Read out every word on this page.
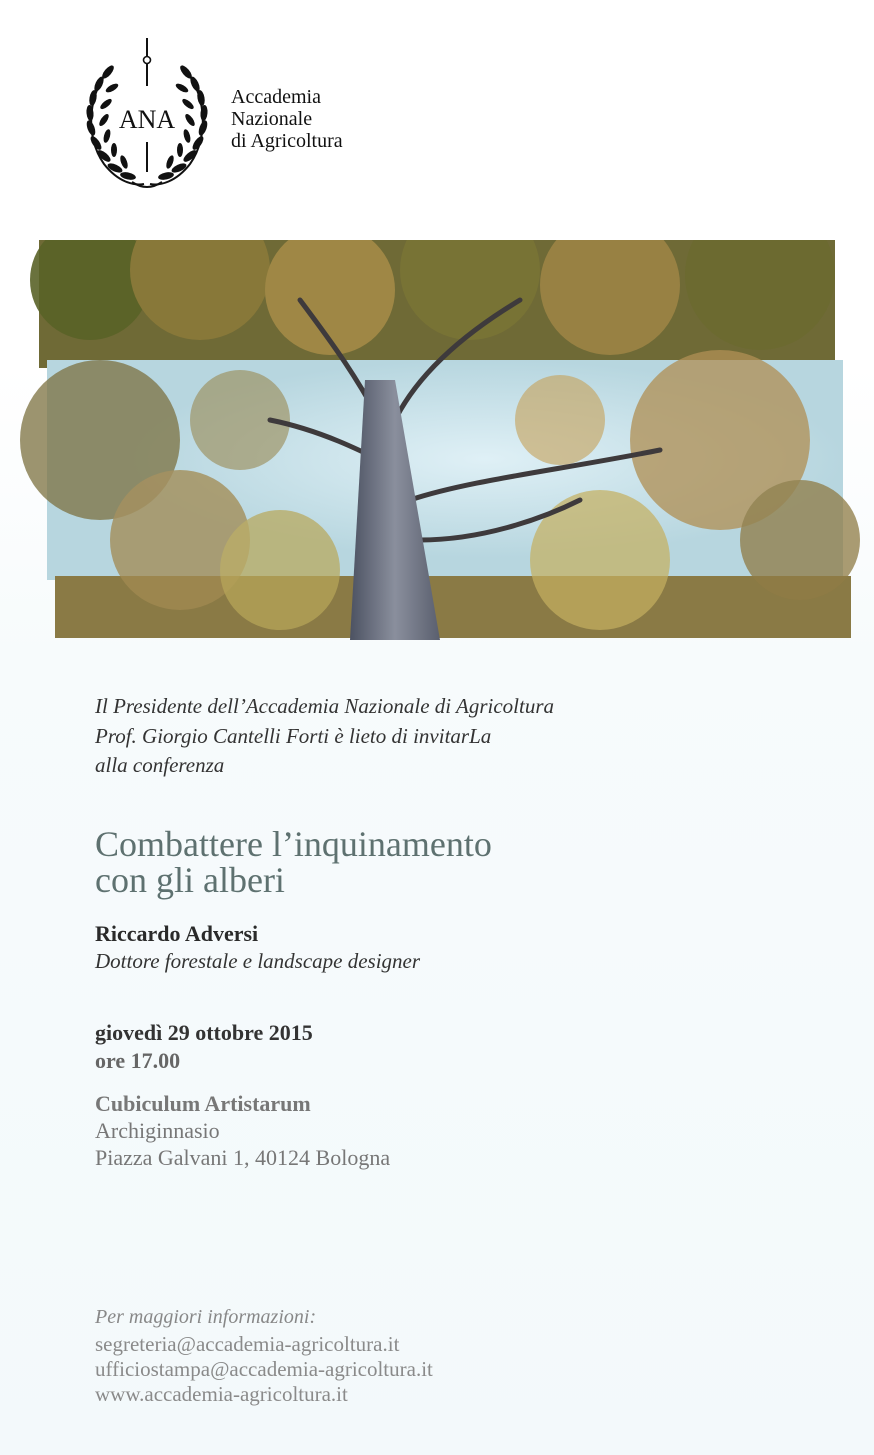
ANA
Accademia
Nazionale
di Agricoltura
Il Presidente dell’Accademia Nazionale di Agricoltura
Prof. Giorgio Cantelli Forti è lieto di invitarLa
alla conferenza
Combattere l’inquinamento
con gli alberi
Riccardo Adversi
Dottore forestale e landscape designer
giovedì 29 ottobre 2015
ore 17.00
Cubiculum Artistarum
Archiginnasio
Piazza Galvani 1, 40124 Bologna
Per maggiori informazioni:
segreteria@accademia-agricoltura.it
ufficiostampa@accademia-agricoltura.it
www.accademia-agricoltura.it
